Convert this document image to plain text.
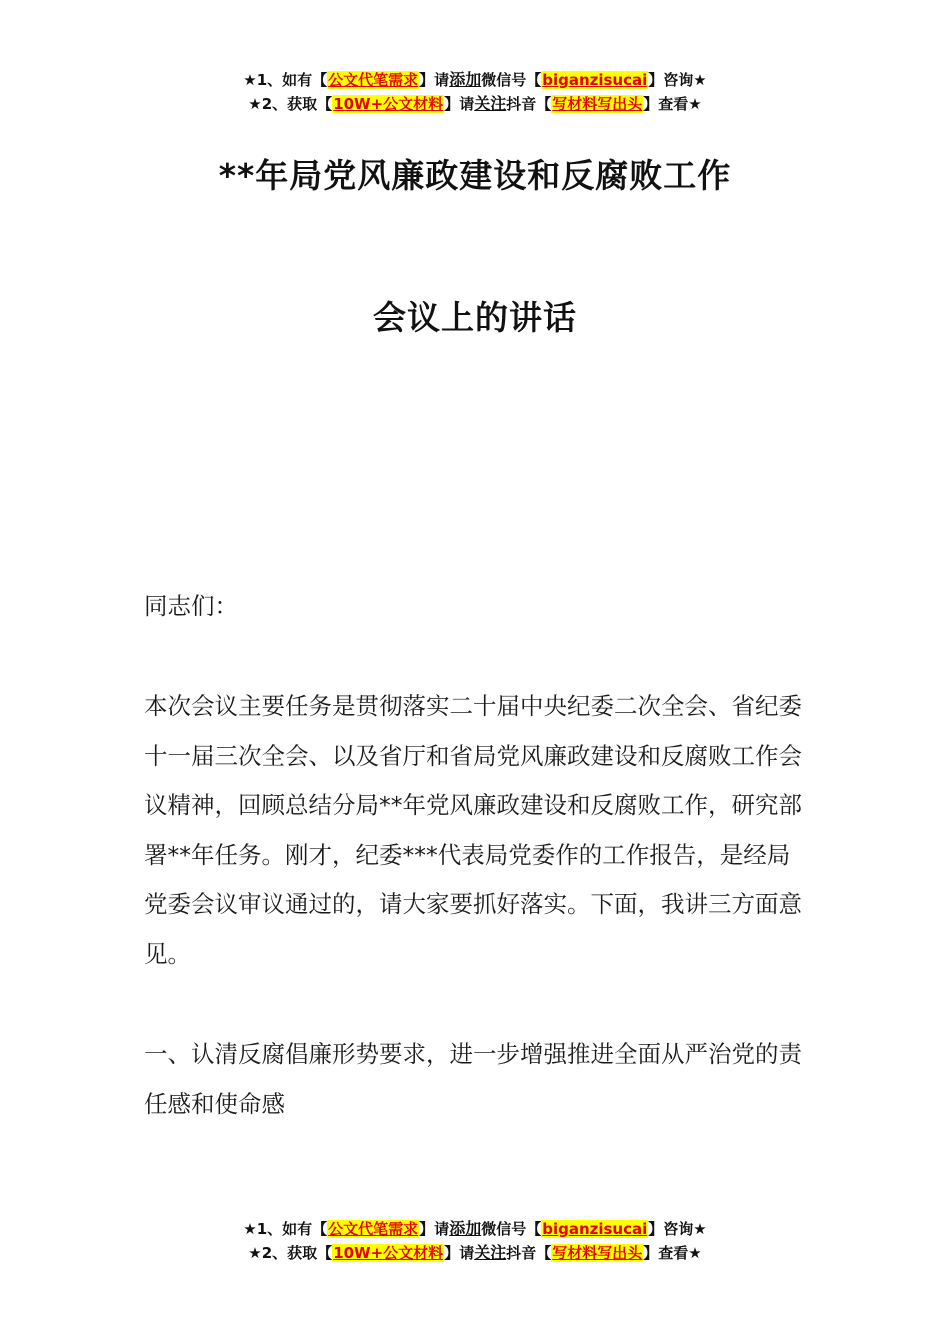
★1、如有【公文代笔需求】请添加微信号【biganzisucai】咨询★
★2、获取【10W+公文材料】请关注抖音【写材料写出头】查看★
**年局党风廉政建设和反腐败工作
会议上的讲话
同志们：
本次会议主要任务是贯彻落实二十届中央纪委二次全会、省纪委十一届三次全会、以及省厅和省局党风廉政建设和反腐败工作会议精神，回顾总结分局**年党风廉政建设和反腐败工作，研究部署**年任务。刚才，纪委***代表局党委作的工作报告，是经局党委会议审议通过的，请大家要抓好落实。下面，我讲三方面意见。
一、认清反腐倡廉形势要求，进一步增强推进全面从严治党的责任感和使命感
★1、如有【公文代笔需求】请添加微信号【biganzisucai】咨询★
★2、获取【10W+公文材料】请关注抖音【写材料写出头】查看★
